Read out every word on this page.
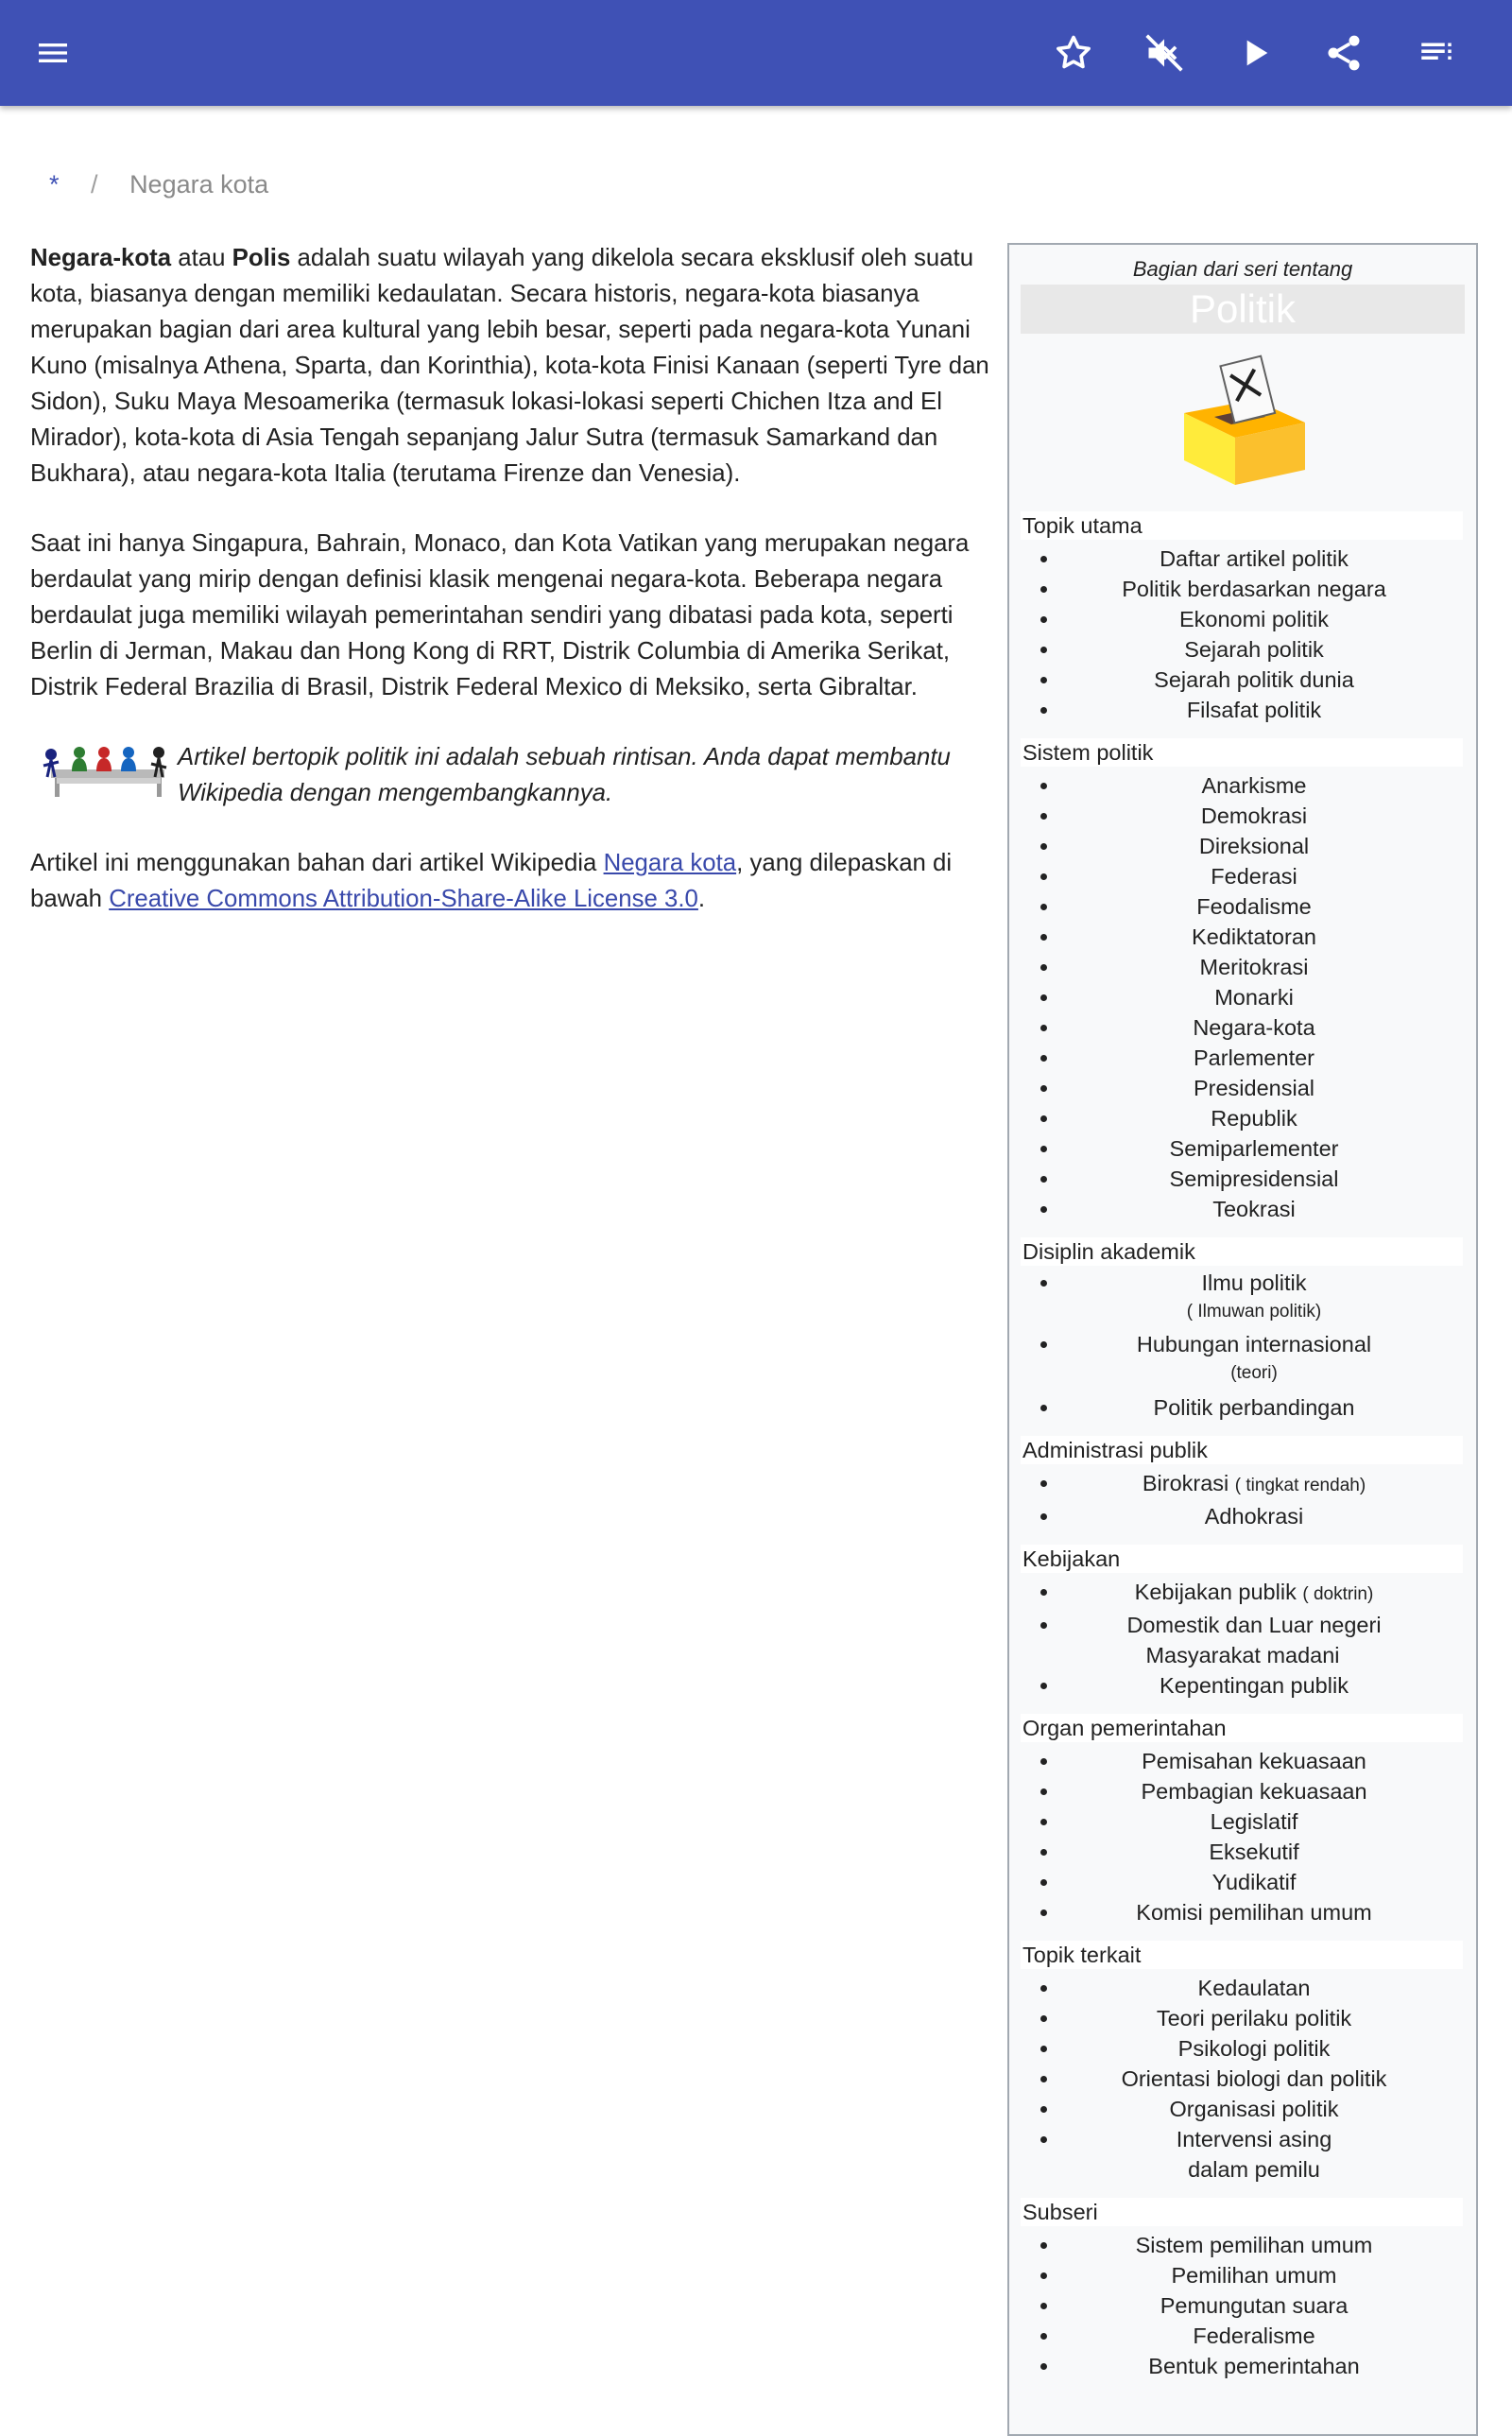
* / Negara kota

Negara-kota atau Polis adalah suatu wilayah yang dikelola secara eksklusif oleh suatu kota, biasanya dengan memiliki kedaulatan. Secara historis, negara-kota biasanya merupakan bagian dari area kultural yang lebih besar, seperti pada negara-kota Yunani Kuno (misalnya Athena, Sparta, dan Korinthia), kota-kota Finisi Kanaan (seperti Tyre dan Sidon), Suku Maya Mesoamerika (termasuk lokasi-lokasi seperti Chichen Itza and El Mirador), kota-kota di Asia Tengah sepanjang Jalur Sutra (termasuk Samarkand dan Bukhara), atau negara-kota Italia (terutama Firenze dan Venesia).

Saat ini hanya Singapura, Bahrain, Monaco, dan Kota Vatikan yang merupakan negara berdaulat yang mirip dengan definisi klasik mengenai negara-kota. Beberapa negara berdaulat juga memiliki wilayah pemerintahan sendiri yang dibatasi pada kota, seperti Berlin di Jerman, Makau dan Hong Kong di RRT, Distrik Columbia di Amerika Serikat, Distrik Federal Brazilia di Brasil, Distrik Federal Mexico di Meksiko, serta Gibraltar.

Artikel bertopik politik ini adalah sebuah rintisan. Anda dapat membantu Wikipedia dengan mengembangkannya.

Artikel ini menggunakan bahan dari artikel Wikipedia Negara kota, yang dilepaskan di bawah Creative Commons Attribution-Share-Alike License 3.0.

Bagian dari seri tentang
Politik
Topik utama
• Daftar artikel politik
• Politik berdasarkan negara
• Ekonomi politik
• Sejarah politik
• Sejarah politik dunia
• Filsafat politik
Sistem politik
• Anarkisme
• Demokrasi
• Direksional
• Federasi
• Feodalisme
• Kediktatoran
• Meritokrasi
• Monarki
• Negara-kota
• Parlementer
• Presidensial
• Republik
• Semiparlementer
• Semipresidensial
• Teokrasi
Disiplin akademik
• Ilmu politik
( Ilmuwan politik)
• Hubungan internasional
(teori)
• Politik perbandingan
Administrasi publik
• Birokrasi ( tingkat rendah)
• Adhokrasi
Kebijakan
• Kebijakan publik ( doktrin)
• Domestik dan Luar negeri
Masyarakat madani
• Kepentingan publik
Organ pemerintahan
• Pemisahan kekuasaan
• Pembagian kekuasaan
• Legislatif
• Eksekutif
• Yudikatif
• Komisi pemilihan umum
Topik terkait
• Kedaulatan
• Teori perilaku politik
• Psikologi politik
• Orientasi biologi dan politik
• Organisasi politik
• Intervensi asing
dalam pemilu
Subseri
• Sistem pemilihan umum
• Pemilihan umum
• Pemungutan suara
• Federalisme
• Bentuk pemerintahan
